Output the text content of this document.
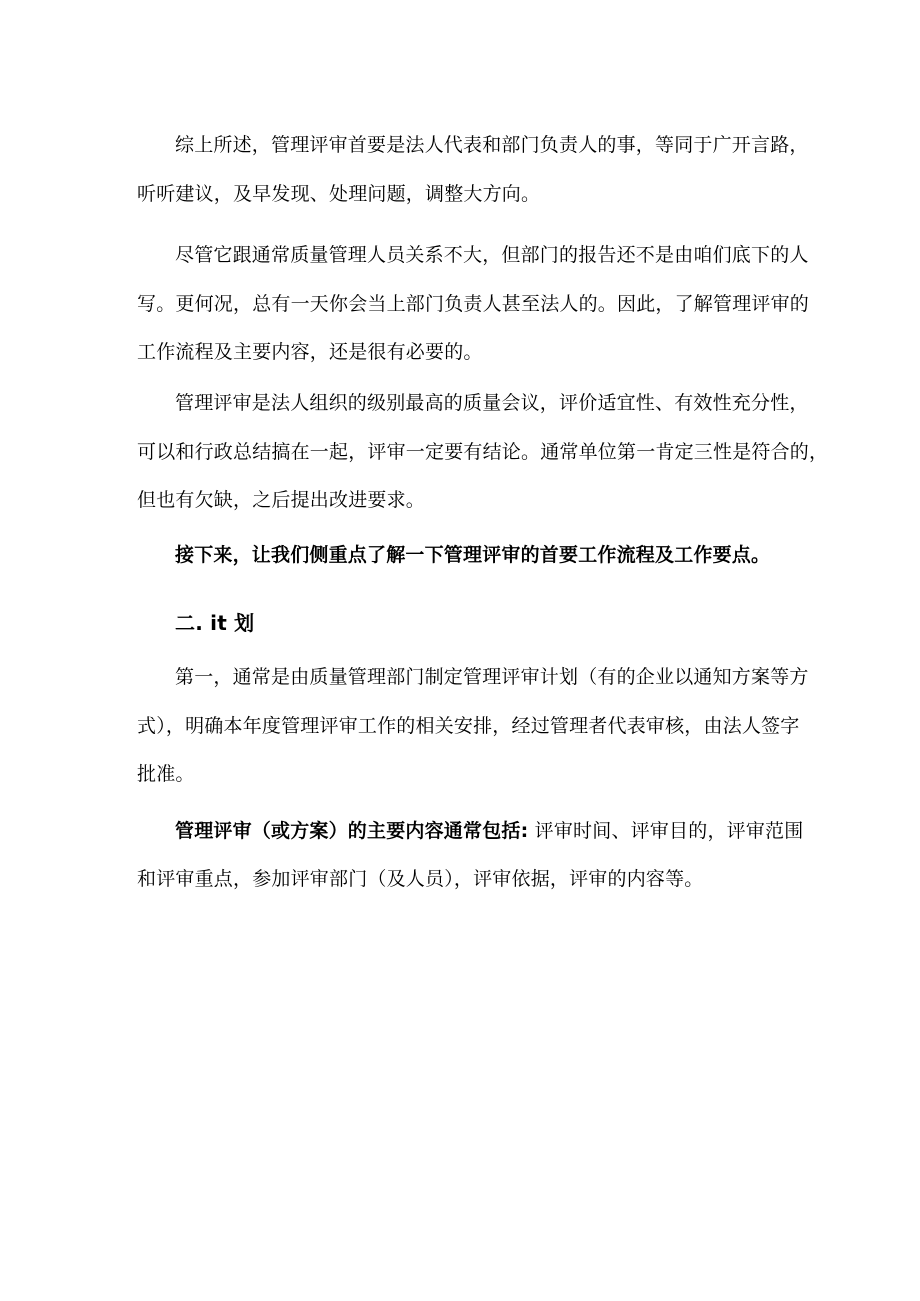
综上所述，管理评审首要是法人代表和部门负责人的事，等同于广开言路，
听听建议，及早发现、处理问题，调整大方向。
尽管它跟通常质量管理人员关系不大，但部门的报告还不是由咱们底下的人
写。更何况，总有一天你会当上部门负责人甚至法人的。因此，了解管理评审的
工作流程及主要内容，还是很有必要的。
管理评审是法人组织的级别最高的质量会议，评价适宜性、有效性充分性，
可以和行政总结搞在一起，评审一定要有结论。通常单位第一肯定三性是符合的，
但也有欠缺，之后提出改进要求。
接下来，让我们侧重点了解一下管理评审的首要工作流程及工作要点。
二. it 划
第一，通常是由质量管理部门制定管理评审计划（有的企业以通知方案等方
式），明确本年度管理评审工作的相关安排，经过管理者代表审核，由法人签字
批准。
管理评审（或方案）的主要内容通常包括: 评审时间、评审目的，评审范围
和评审重点，参加评审部门（及人员），评审依据，评审的内容等。
